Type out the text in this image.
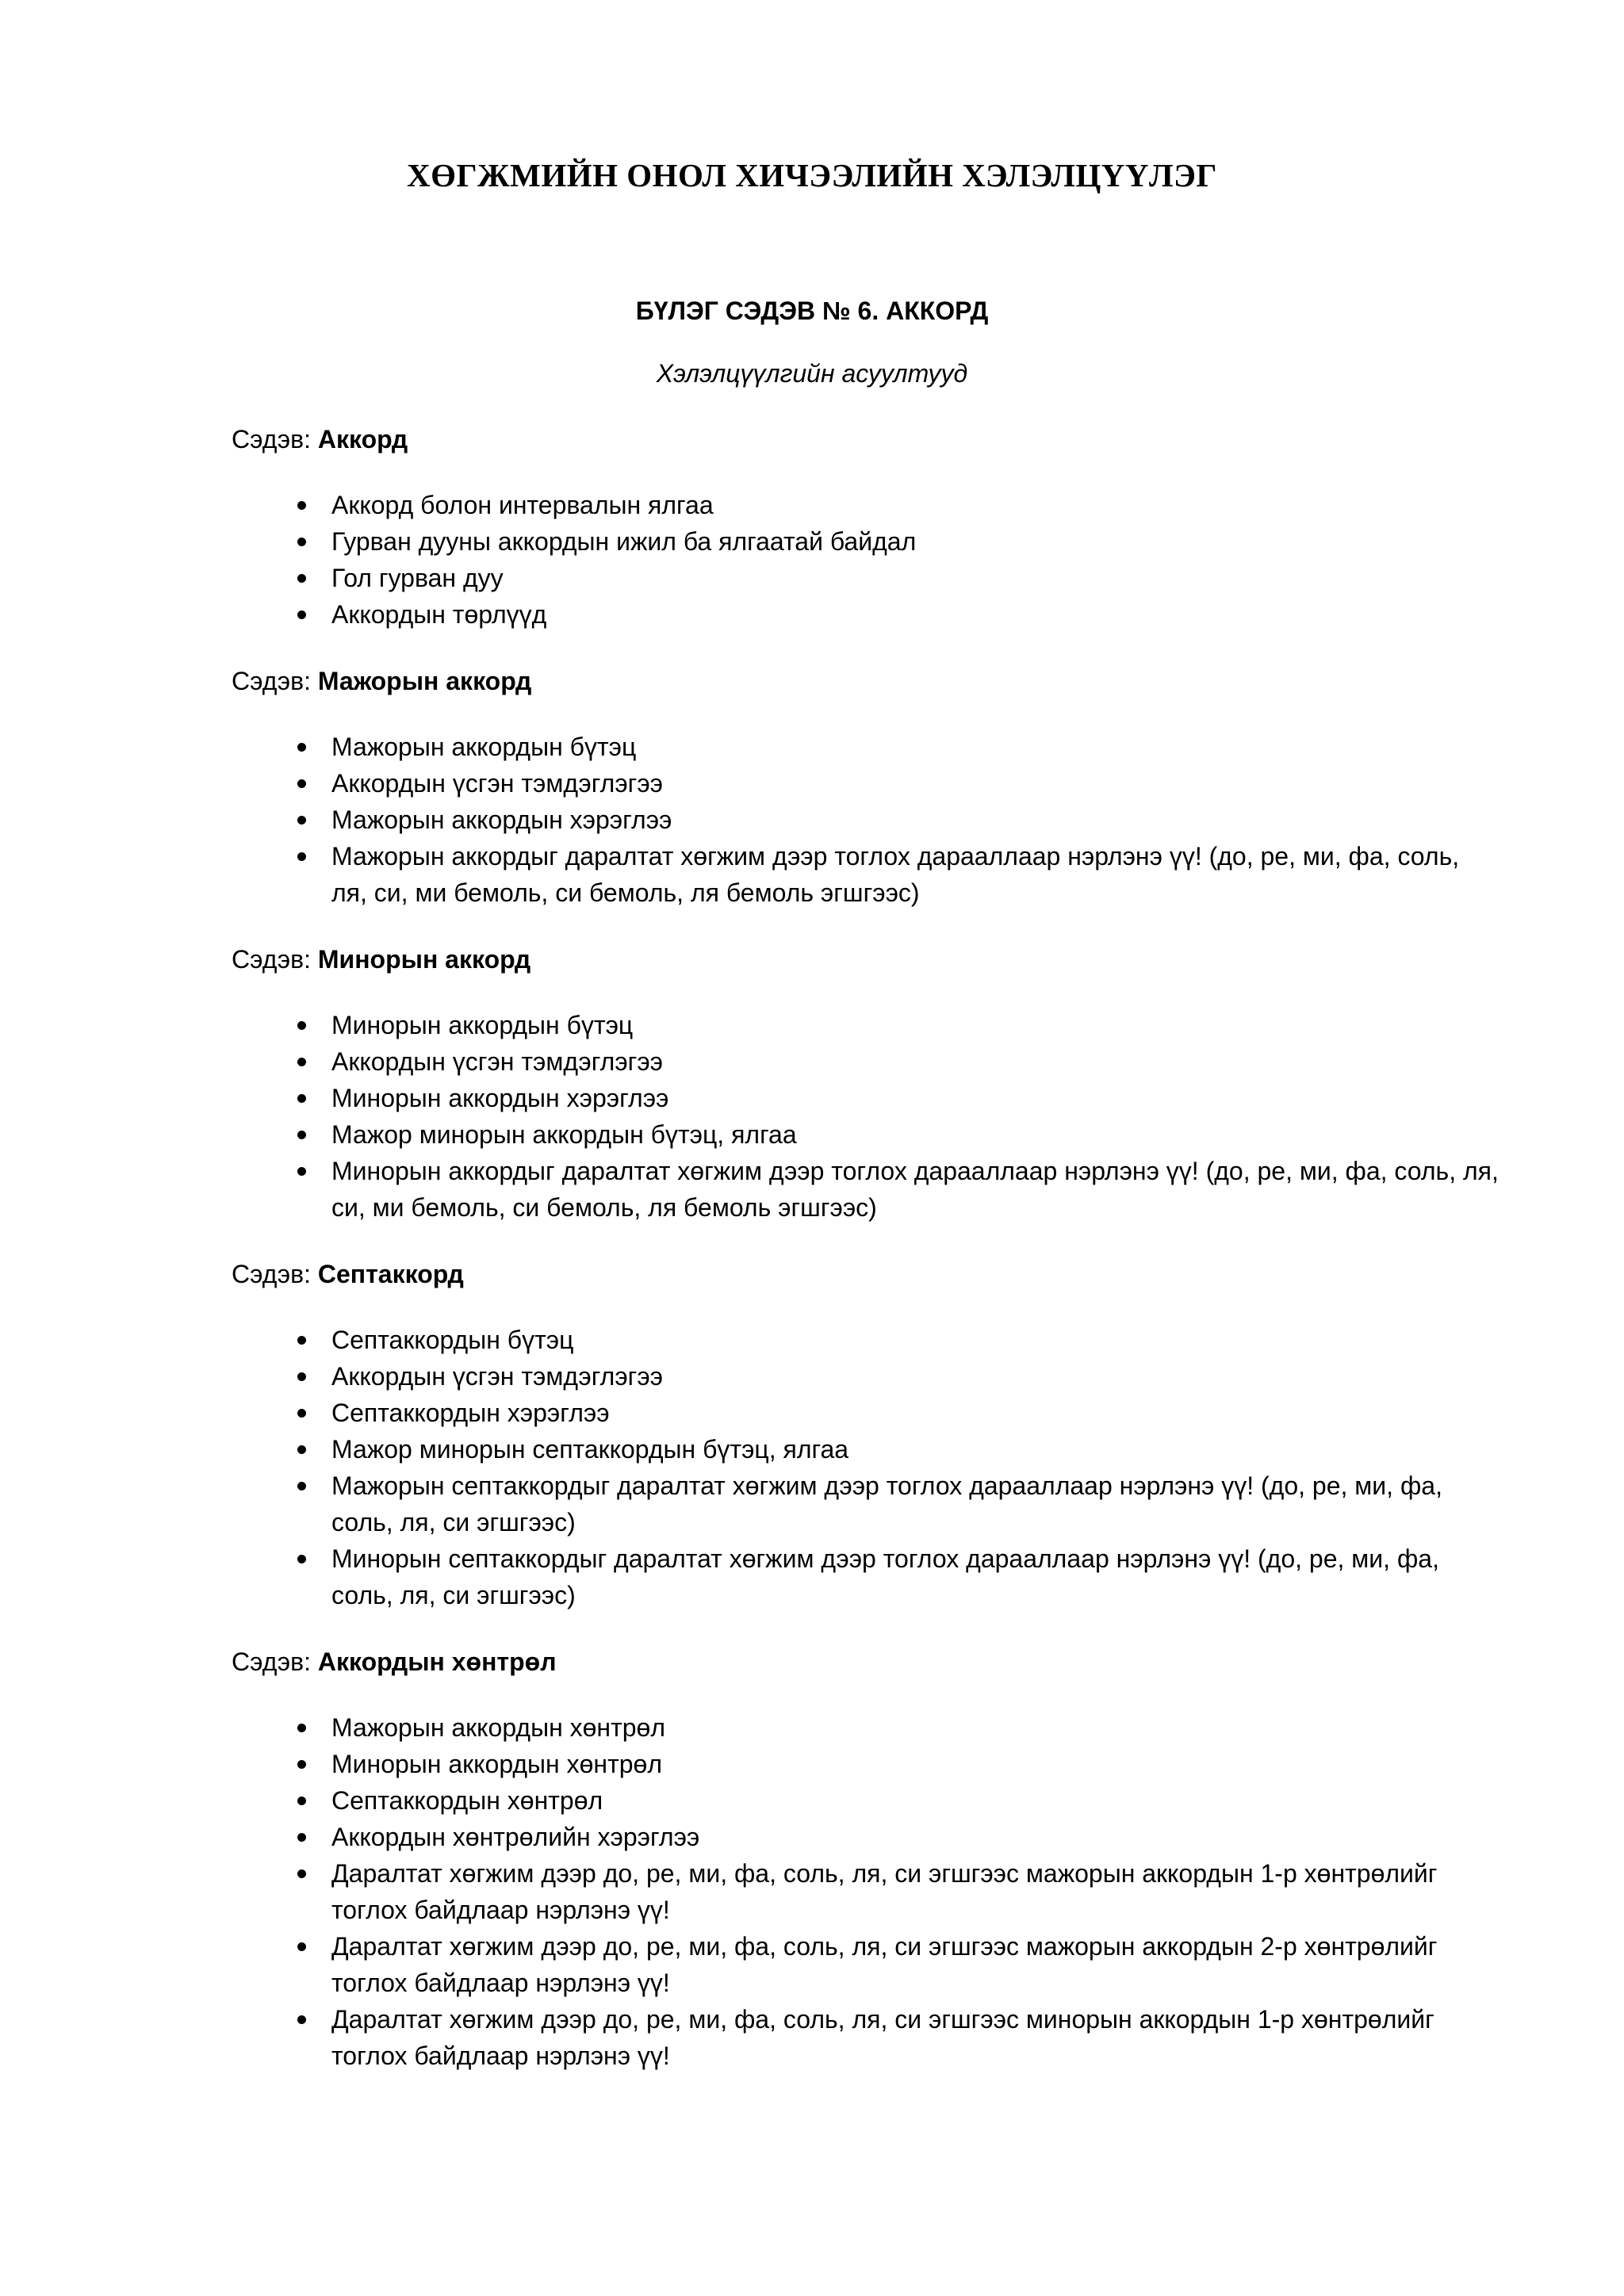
ХӨГЖМИЙН ОНОЛ ХИЧЭЭЛИЙН ХЭЛЭЛЦҮҮЛЭГ
БҮЛЭГ СЭДЭВ № 6. АККОРД

Хэлэлцүүлгийн асуултууд

Сэдэв: Аккорд

Аккорд болон интервалын ялгаа
Гурван дууны аккордын ижил ба ялгаатай байдал
Гол гурван дуу
Аккордын төрлүүд

Сэдэв: Мажорын аккорд

Мажорын аккордын бүтэц
Аккордын үсгэн тэмдэглэгээ
Мажорын аккордын хэрэглээ
Мажорын аккордыг даралтат хөгжим дээр тоглох дарааллаар нэрлэнэ үү! (до, ре, ми, фа, соль, ля, си, ми бемоль, си бемоль, ля бемоль эгшгээс)

Сэдэв: Минорын аккорд

Минорын аккордын бүтэц
Аккордын үсгэн тэмдэглэгээ
Минорын аккордын хэрэглээ
Мажор минорын аккордын бүтэц, ялгаа
Минорын аккордыг даралтат хөгжим дээр тоглох дарааллаар нэрлэнэ үү! (до, ре, ми, фа, соль, ля, си, ми бемоль, си бемоль, ля бемоль эгшгээс)

Сэдэв: Септаккорд

Септаккордын бүтэц
Аккордын үсгэн тэмдэглэгээ
Септаккордын хэрэглээ
Мажор минорын септаккордын бүтэц, ялгаа
Мажорын септаккордыг даралтат хөгжим дээр тоглох дарааллаар нэрлэнэ үү! (до, ре, ми, фа, соль, ля, си эгшгээс)
Минорын септаккордыг даралтат хөгжим дээр тоглох дарааллаар нэрлэнэ үү! (до, ре, ми, фа, соль, ля, си эгшгээс)

Сэдэв: Аккордын хөнтрөл

Мажорын аккордын хөнтрөл
Минорын аккордын хөнтрөл
Септаккордын хөнтрөл
Аккордын хөнтрөлийн хэрэглээ
Даралтат хөгжим дээр до, ре, ми, фа, соль, ля, си эгшгээс мажорын аккордын 1-р хөнтрөлийг тоглох байдлаар нэрлэнэ үү!
Даралтат хөгжим дээр до, ре, ми, фа, соль, ля, си эгшгээс мажорын аккордын 2-р хөнтрөлийг тоглох байдлаар нэрлэнэ үү!
Даралтат хөгжим дээр до, ре, ми, фа, соль, ля, си эгшгээс минорын аккордын 1-р хөнтрөлийг тоглох байдлаар нэрлэнэ үү!
